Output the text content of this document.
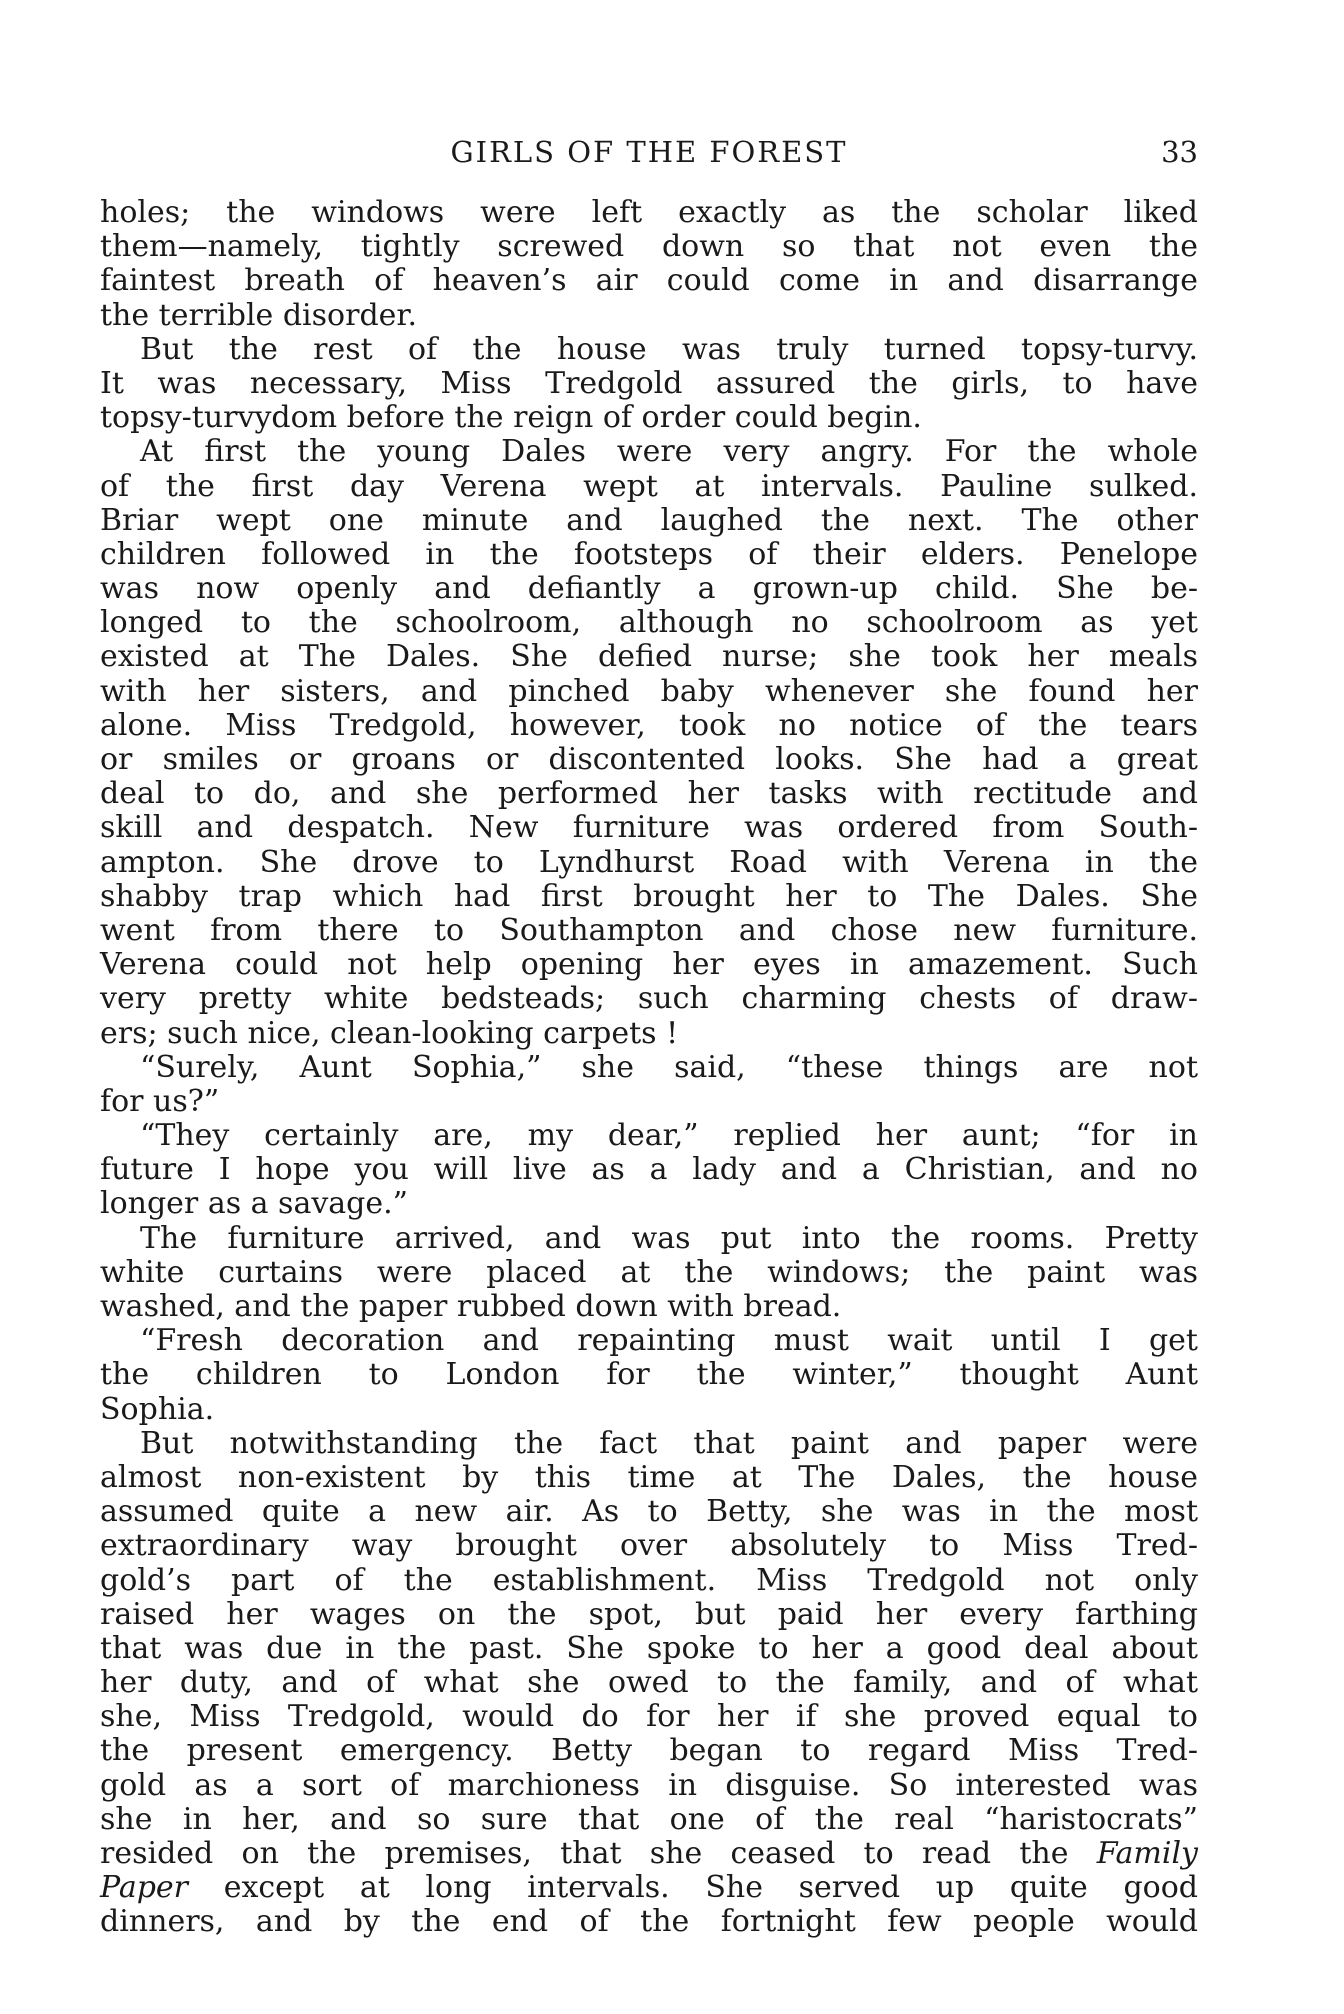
GIRLS OF THE FOREST	33
holes; the windows were left exactly as the scholar liked
them—namely, tightly screwed down so that not even the
faintest breath of heaven’s air could come in and disarrange
the terrible disorder.
But the rest of the house was truly turned topsy-turvy.
It was necessary, Miss Tredgold assured the girls, to have
topsy-turvydom before the reign of order could begin.
At first the young Dales were very angry. For the whole
of the first day Verena wept at intervals. Pauline sulked.
Briar wept one minute and laughed the next. The other
children followed in the footsteps of their elders. Penelope
was now openly and defiantly a grown-up child. She be-
longed to the schoolroom, although no schoolroom as yet
existed at The Dales. She defied nurse; she took her meals
with her sisters, and pinched baby whenever she found her
alone. Miss Tredgold, however, took no notice of the tears
or smiles or groans or discontented looks. She had a great
deal to do, and she performed her tasks with rectitude and
skill and despatch. New furniture was ordered from South-
ampton. She drove to Lyndhurst Road with Verena in the
shabby trap which had first brought her to The Dales. She
went from there to Southampton and chose new furniture.
Verena could not help opening her eyes in amazement. Such
very pretty white bedsteads; such charming chests of draw-
ers; such nice, clean-looking carpets !
“Surely, Aunt Sophia,” she said, “these things are not
for us?”
“They certainly are, my dear,” replied her aunt; “for in
future I hope you will live as a lady and a Christian, and no
longer as a savage.”
The furniture arrived, and was put into the rooms. Pretty
white curtains were placed at the windows; the paint was
washed, and the paper rubbed down with bread.
“Fresh decoration and repainting must wait until I get
the children to London for the winter,” thought Aunt
Sophia.
But notwithstanding the fact that paint and paper were
almost non-existent by this time at The Dales, the house
assumed quite a new air. As to Betty, she was in the most
extraordinary way brought over absolutely to Miss Tred-
gold’s part of the establishment. Miss Tredgold not only
raised her wages on the spot, but paid her every farthing
that was due in the past. She spoke to her a good deal about
her duty, and of what she owed to the family, and of what
she, Miss Tredgold, would do for her if she proved equal to
the present emergency. Betty began to regard Miss Tred-
gold as a sort of marchioness in disguise. So interested was
she in her, and so sure that one of the real “haristocrats”
resided on the premises, that she ceased to read the Family
Paper except at long intervals. She served up quite good
dinners, and by the end of the fortnight few people would
